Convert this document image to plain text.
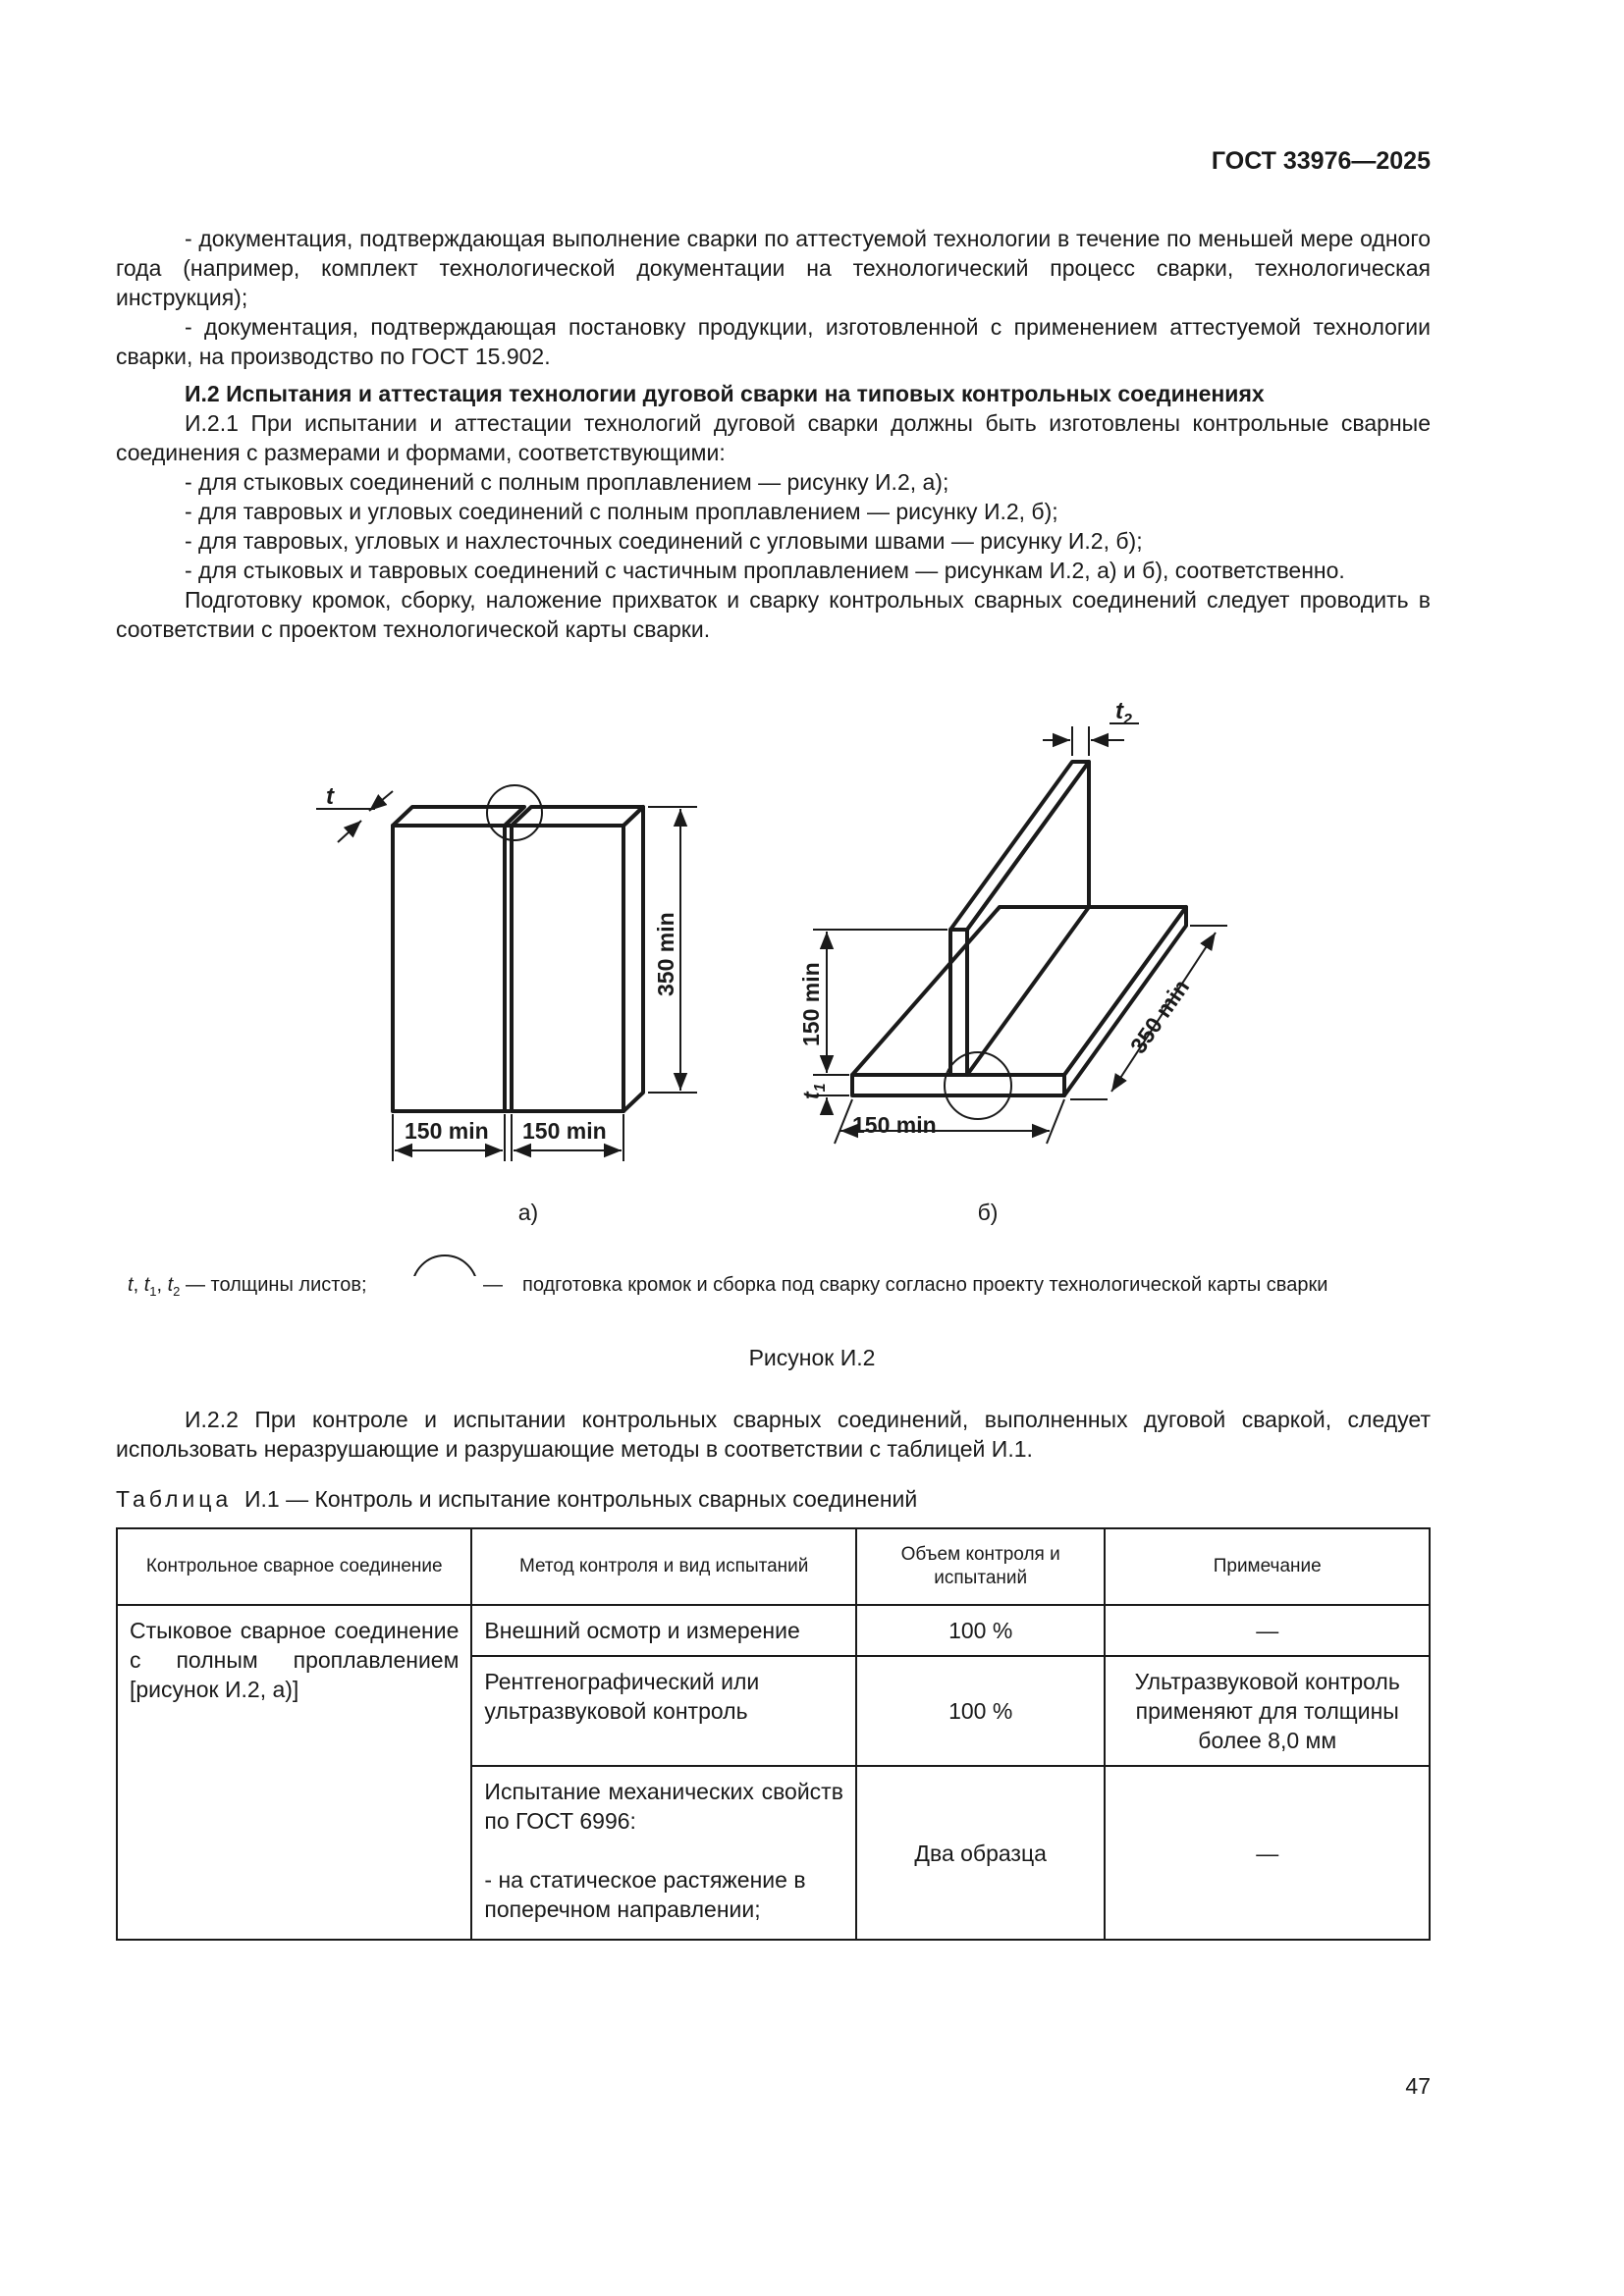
ГОСТ 33976—2025

- документация, подтверждающая выполнение сварки по аттестуемой технологии в течение по меньшей мере одного года (например, комплект технологической документации на технологический процесс сварки, технологическая инструкция);

- документация, подтверждающая постановку продукции, изготовленной с применением аттестуемой технологии сварки, на производство по ГОСТ 15.902.

И.2 Испытания и аттестация технологии дуговой сварки на типовых контрольных соединениях

И.2.1 При испытании и аттестации технологий дуговой сварки должны быть изготовлены контрольные сварные соединения с размерами и формами, соответствующими:

- для стыковых соединений с полным проплавлением — рисунку И.2, а);

- для тавровых и угловых соединений с полным проплавлением — рисунку И.2, б);

- для тавровых, угловых и нахлесточных соединений с угловыми швами — рисунку И.2, б);

- для стыковых и тавровых соединений с частичным проплавлением — рисункам И.2, а) и б), соответственно.

Подготовку кромок, сборку, наложение прихваток и сварку контрольных сварных соединений следует проводить в соответствии с проектом технологической карты сварки.

150 min 150 min
350 min
t
150 min
$t_1$
150 min
350 min
$t_2$
а)	б)
t, $t_1$, $t_2$ — толщины листов;	— подготовка кромок и сборка под сварку согласно проекту технологической карты сварки
Рисунок И.2
И.2.2 При контроле и испытании контрольных сварных соединений, выполненных дуговой сваркой, следует использовать неразрушающие и разрушающие методы в соответствии с таблицей И.1.
Таблица И.1 — Контроль и испытание контрольных сварных соединений
Контрольное сварное соединение	Метод контроля и вид испытаний	Объем контроля и испытаний	Примечание
Стыковое сварное соединение с полным проплавлением [рисунок И.2, а)]	Внешний осмотр и измерение	100 %	—
	Рентгенографический или ультразвуковой контроль	100 %	Ультразвуковой контроль применяют для толщины более 8,0 мм

	Испытание механических свойств по ГОСТ 6996:
- на статическое растяжение в поперечном направлении;	Два образца	—
47
